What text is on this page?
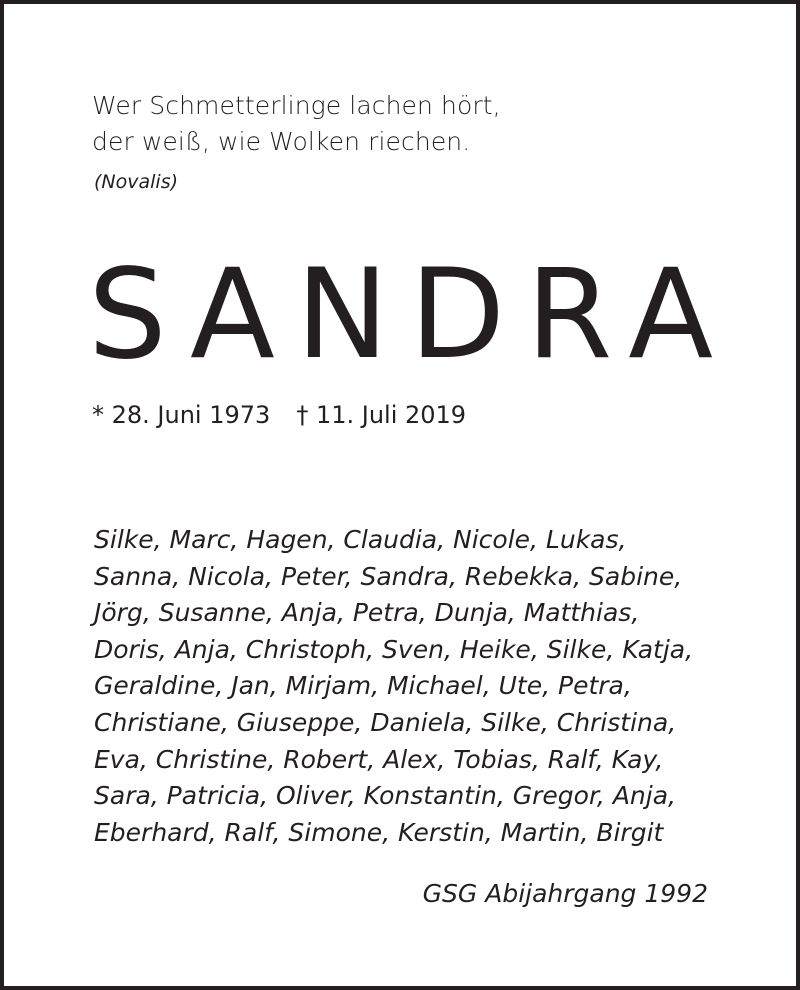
Wer Schmetterlinge lachen hört,
der weiß, wie Wolken riechen.
(Novalis)
SANDRA
* 28. Juni 1973 † 11. Juli 2019
Silke, Marc, Hagen, Claudia, Nicole, Lukas,
Sanna, Nicola, Peter, Sandra, Rebekka, Sabine,
Jörg, Susanne, Anja, Petra, Dunja, Matthias,
Doris, Anja, Christoph, Sven, Heike, Silke, Katja,
Geraldine, Jan, Mirjam, Michael, Ute, Petra,
Christiane, Giuseppe, Daniela, Silke, Christina,
Eva, Christine, Robert, Alex, Tobias, Ralf, Kay,
Sara, Patricia, Oliver, Konstantin, Gregor, Anja,
Eberhard, Ralf, Simone, Kerstin, Martin, Birgit
GSG Abijahrgang 1992
